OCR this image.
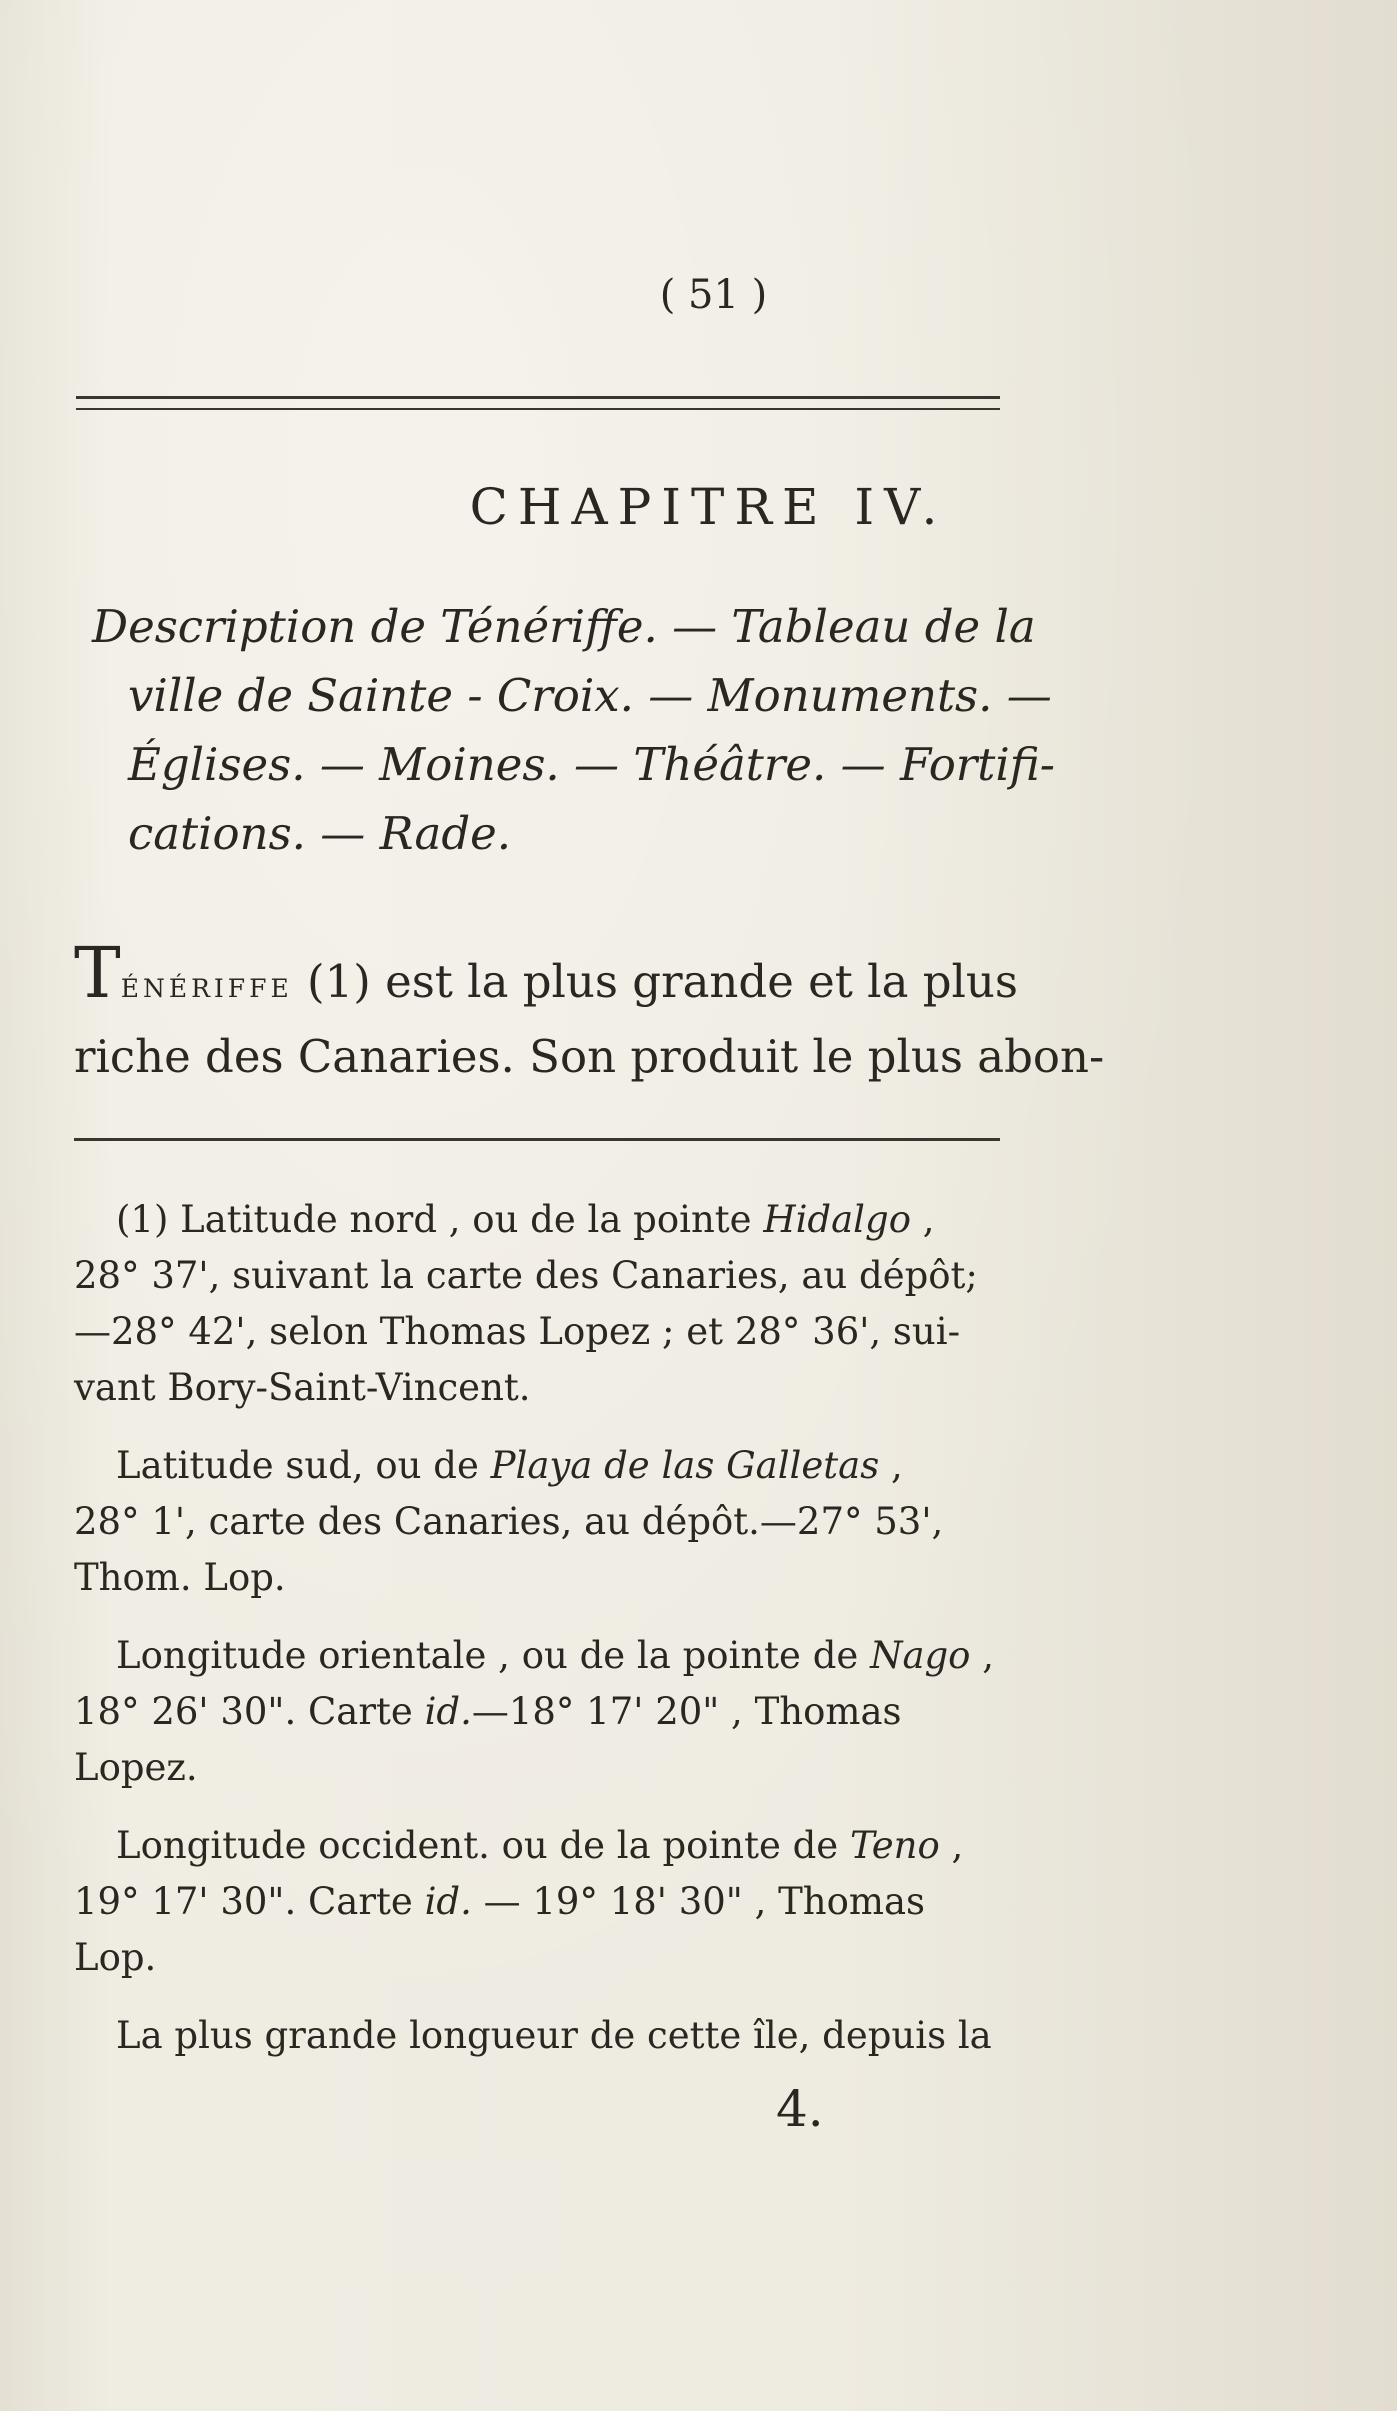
( 51 )
CHAPITRE IV.
Description de Ténériffe. — Tableau de la
ville de Sainte - Croix. — Monuments. —
Églises. — Moines. — Théâtre. — Fortifi-
cations. — Rade.
TÉNÉRIFFE (1) est la plus grande et la plus
riche des Canaries. Son produit le plus abon-
(1) Latitude nord , ou de la pointe Hidalgo ,
28° 37', suivant la carte des Canaries, au dépôt;
—28° 42', selon Thomas Lopez ; et 28° 36', sui-
vant Bory-Saint-Vincent.
Latitude sud, ou de Playa de las Galletas ,
28° 1', carte des Canaries, au dépôt.—27° 53',
Thom. Lop.
Longitude orientale , ou de la pointe de Nago ,
18° 26' 30". Carte id.—18° 17' 20" , Thomas
Lopez.
Longitude occident. ou de la pointe de Teno ,
19° 17' 30". Carte id. — 19° 18' 30" , Thomas
Lop.
La plus grande longueur de cette île, depuis la
4.
